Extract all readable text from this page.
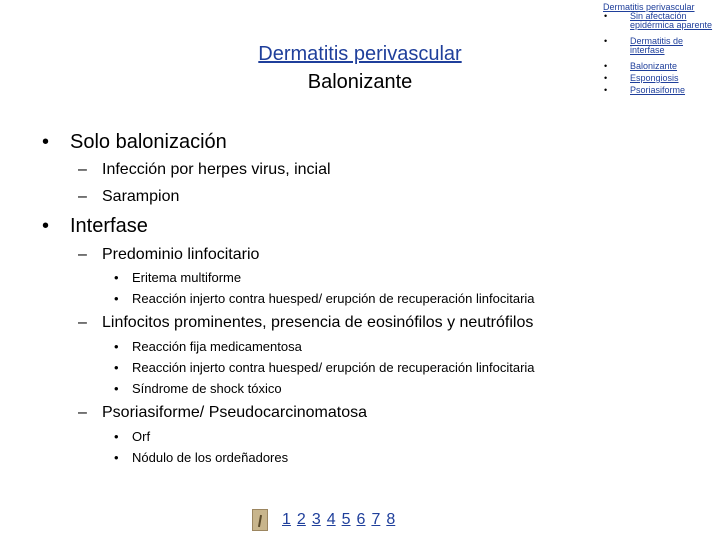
Dermatitis perivascular
•	Sin afectación epidérmica aparente
•	Dermatitis de interfase
•	Balonizante
•	Espongiosis
•	Psoriasiforme
Dermatitis perivascular
Balonizante
• Solo balonización
– Infección por herpes virus, incial
– Sarampion
• Interfase
– Predominio linfocitario
• Eritema multiforme
• Reacción injerto contra huesped/ erupción de recuperación linfocitaria
– Linfocitos prominentes, presencia de eosinófilos y neutrófilos
• Reacción fija medicamentosa
• Reacción injerto contra huesped/ erupción de recuperación linfocitaria
• Síndrome de shock tóxico
– Psoriasiforme/ Pseudocarcinomatosa
• Orf
• Nódulo de los ordeñadores
1 2 3 4 5 6 7 8
